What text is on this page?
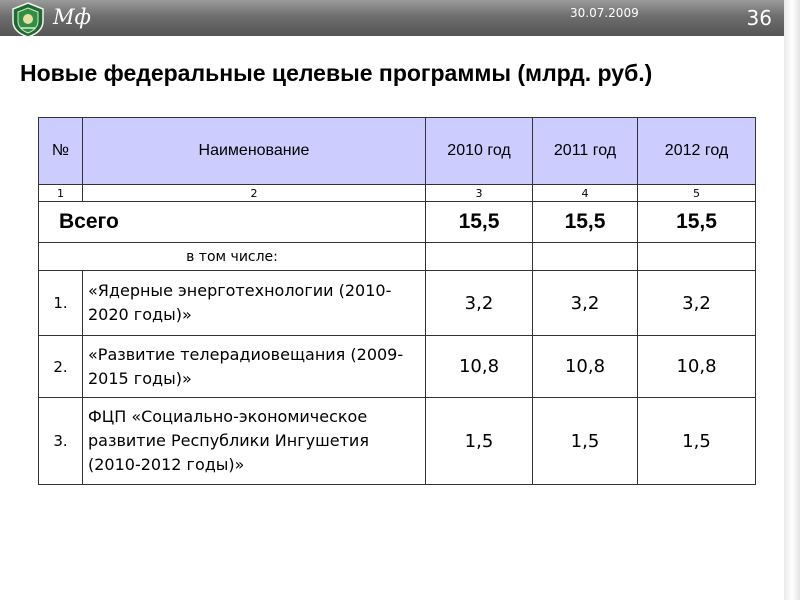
Мф	30.07.2009	36
Новые федеральные целевые программы (млрд. руб.)
№	Наименование	2010 год	2011 год	2012 год
1	2	3	4	5
Всего		15,5	15,5	15,5
в том числе:				
1.	«Ядерные энерготехнологии (2010-2020 годы)»	3,2	3,2	3,2
2.	«Развитие телерадиовещания (2009-2015 годы)»	10,8	10,8	10,8
3.	ФЦП «Социально-экономическое развитие Республики Ингушетия (2010-2012 годы)»	1,5	1,5	1,5
